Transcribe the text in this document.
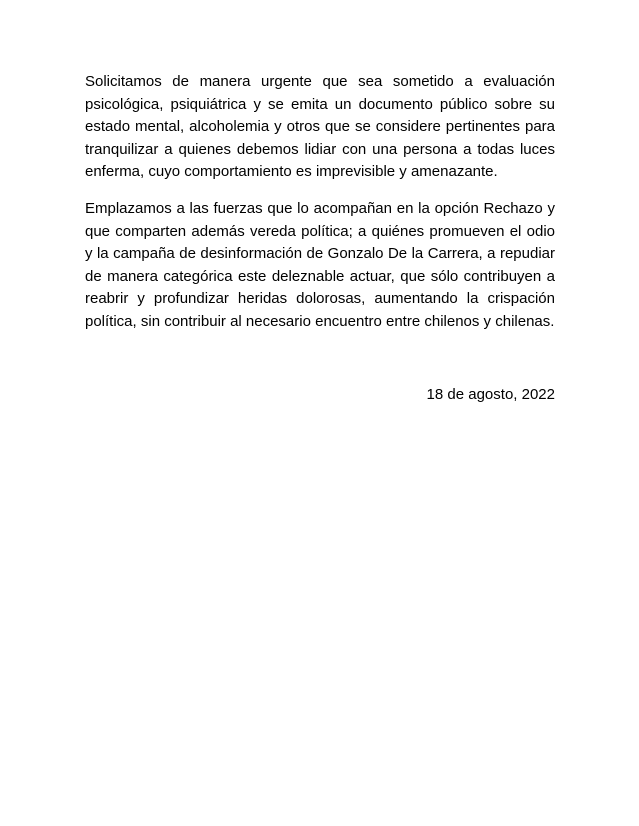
Solicitamos de manera urgente que sea sometido a evaluación psicológica, psiquiátrica y se emita un documento público sobre su estado mental, alcoholemia y otros que se considere pertinentes para tranquilizar a quienes debemos lidiar con una persona a todas luces enferma, cuyo comportamiento es imprevisible y amenazante.

Emplazamos a las fuerzas que lo acompañan en la opción Rechazo y que comparten además vereda política; a quiénes promueven el odio y la campaña de desinformación de Gonzalo De la Carrera, a repudiar de manera categórica este deleznable actuar, que sólo contribuyen a reabrir y profundizar heridas dolorosas, aumentando la crispación política, sin contribuir al necesario encuentro entre chilenos y chilenas.

18 de agosto, 2022
